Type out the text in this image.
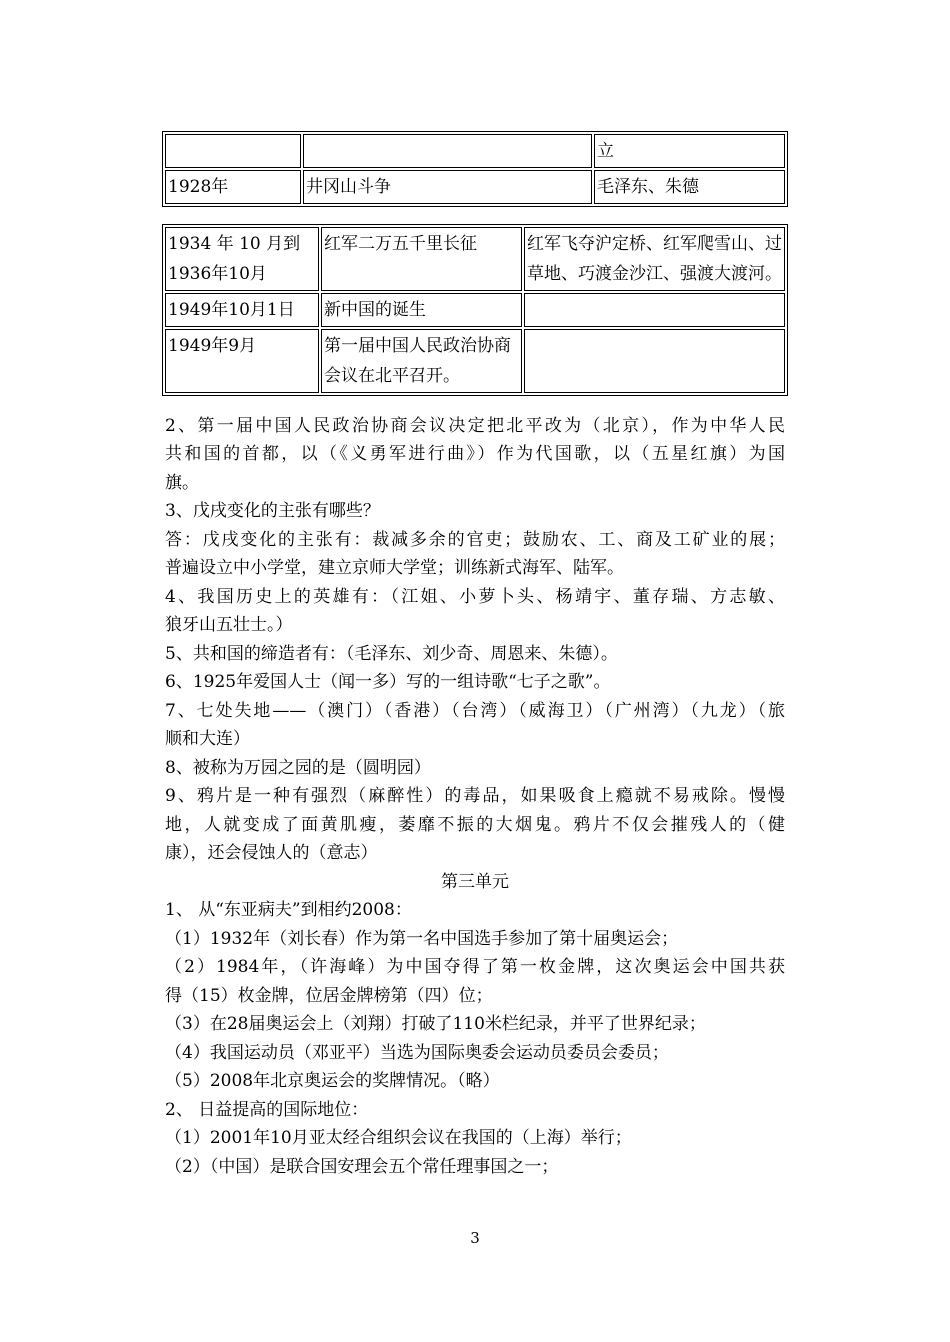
		立
1928年	井冈山斗争	毛泽东、朱德
1934 年 10 月到1936年10月	红军二万五千里长征	红军飞夺沪定桥、红军爬雪山、过草地、巧渡金沙江、强渡大渡河。
1949年10月1日	新中国的诞生	
1949年9月	第一届中国人民政治协商会议在北平召开。	
2、第一届中国人民政治协商会议决定把北平改为（北京），作为中华人民
共和国的首都，以（《义勇军进行曲》）作为代国歌，以（五星红旗）为国
旗。
3、戊戌变化的主张有哪些？
答：戊戌变化的主张有：裁减多余的官吏；鼓励农、工、商及工矿业的展；
普遍设立中小学堂，建立京师大学堂；训练新式海军、陆军。
4、我国历史上的英雄有：（江姐、小萝卜头、杨靖宇、董存瑞、方志敏、
狼牙山五壮士。）
5、共和国的缔造者有：（毛泽东、刘少奇、周恩来、朱德）。
6、1925年爱国人士（闻一多）写的一组诗歌“七子之歌”。
7、七处失地——（澳门）（香港）（台湾）（威海卫）（广州湾）（九龙）（旅
顺和大连）
8、被称为万园之园的是（圆明园）
9、鸦片是一种有强烈（麻醉性）的毒品，如果吸食上瘾就不易戒除。慢慢
地，人就变成了面黄肌瘦，萎靡不振的大烟鬼。鸦片不仅会摧残人的（健
康），还会侵蚀人的（意志）
第三单元
1、 从“东亚病夫”到相约2008：
（1）1932年（刘长春）作为第一名中国选手参加了第十届奥运会；
（2）1984年，（许海峰）为中国夺得了第一枚金牌，这次奥运会中国共获
得（15）枚金牌，位居金牌榜第（四）位；
（3）在28届奥运会上（刘翔）打破了110米栏纪录，并平了世界纪录；
（4）我国运动员（邓亚平）当选为国际奥委会运动员委员会委员；
（5）2008年北京奥运会的奖牌情况。（略）
2、 日益提高的国际地位：
（1）2001年10月亚太经合组织会议在我国的（上海）举行；
（2）（中国）是联合国安理会五个常任理事国之一；
3
